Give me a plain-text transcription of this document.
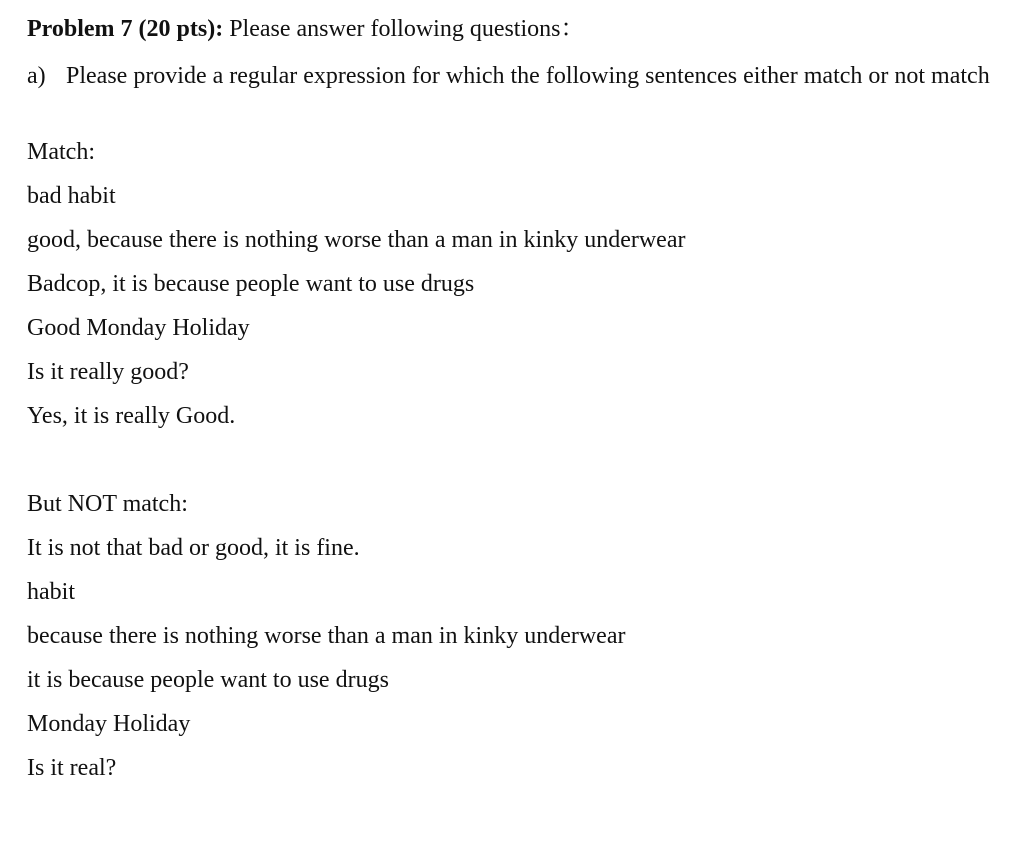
Problem 7 (20 pts): Please answer following questions：

a) Please provide a regular expression for which the following sentences either match or not match

Match:

bad habit

good, because there is nothing worse than a man in kinky underwear

Badcop, it is because people want to use drugs

Good Monday Holiday

Is it really good?

Yes, it is really Good.

But NOT match:

It is not that bad or good, it is fine.

habit

because there is nothing worse than a man in kinky underwear

it is because people want to use drugs

Monday Holiday

Is it real?
